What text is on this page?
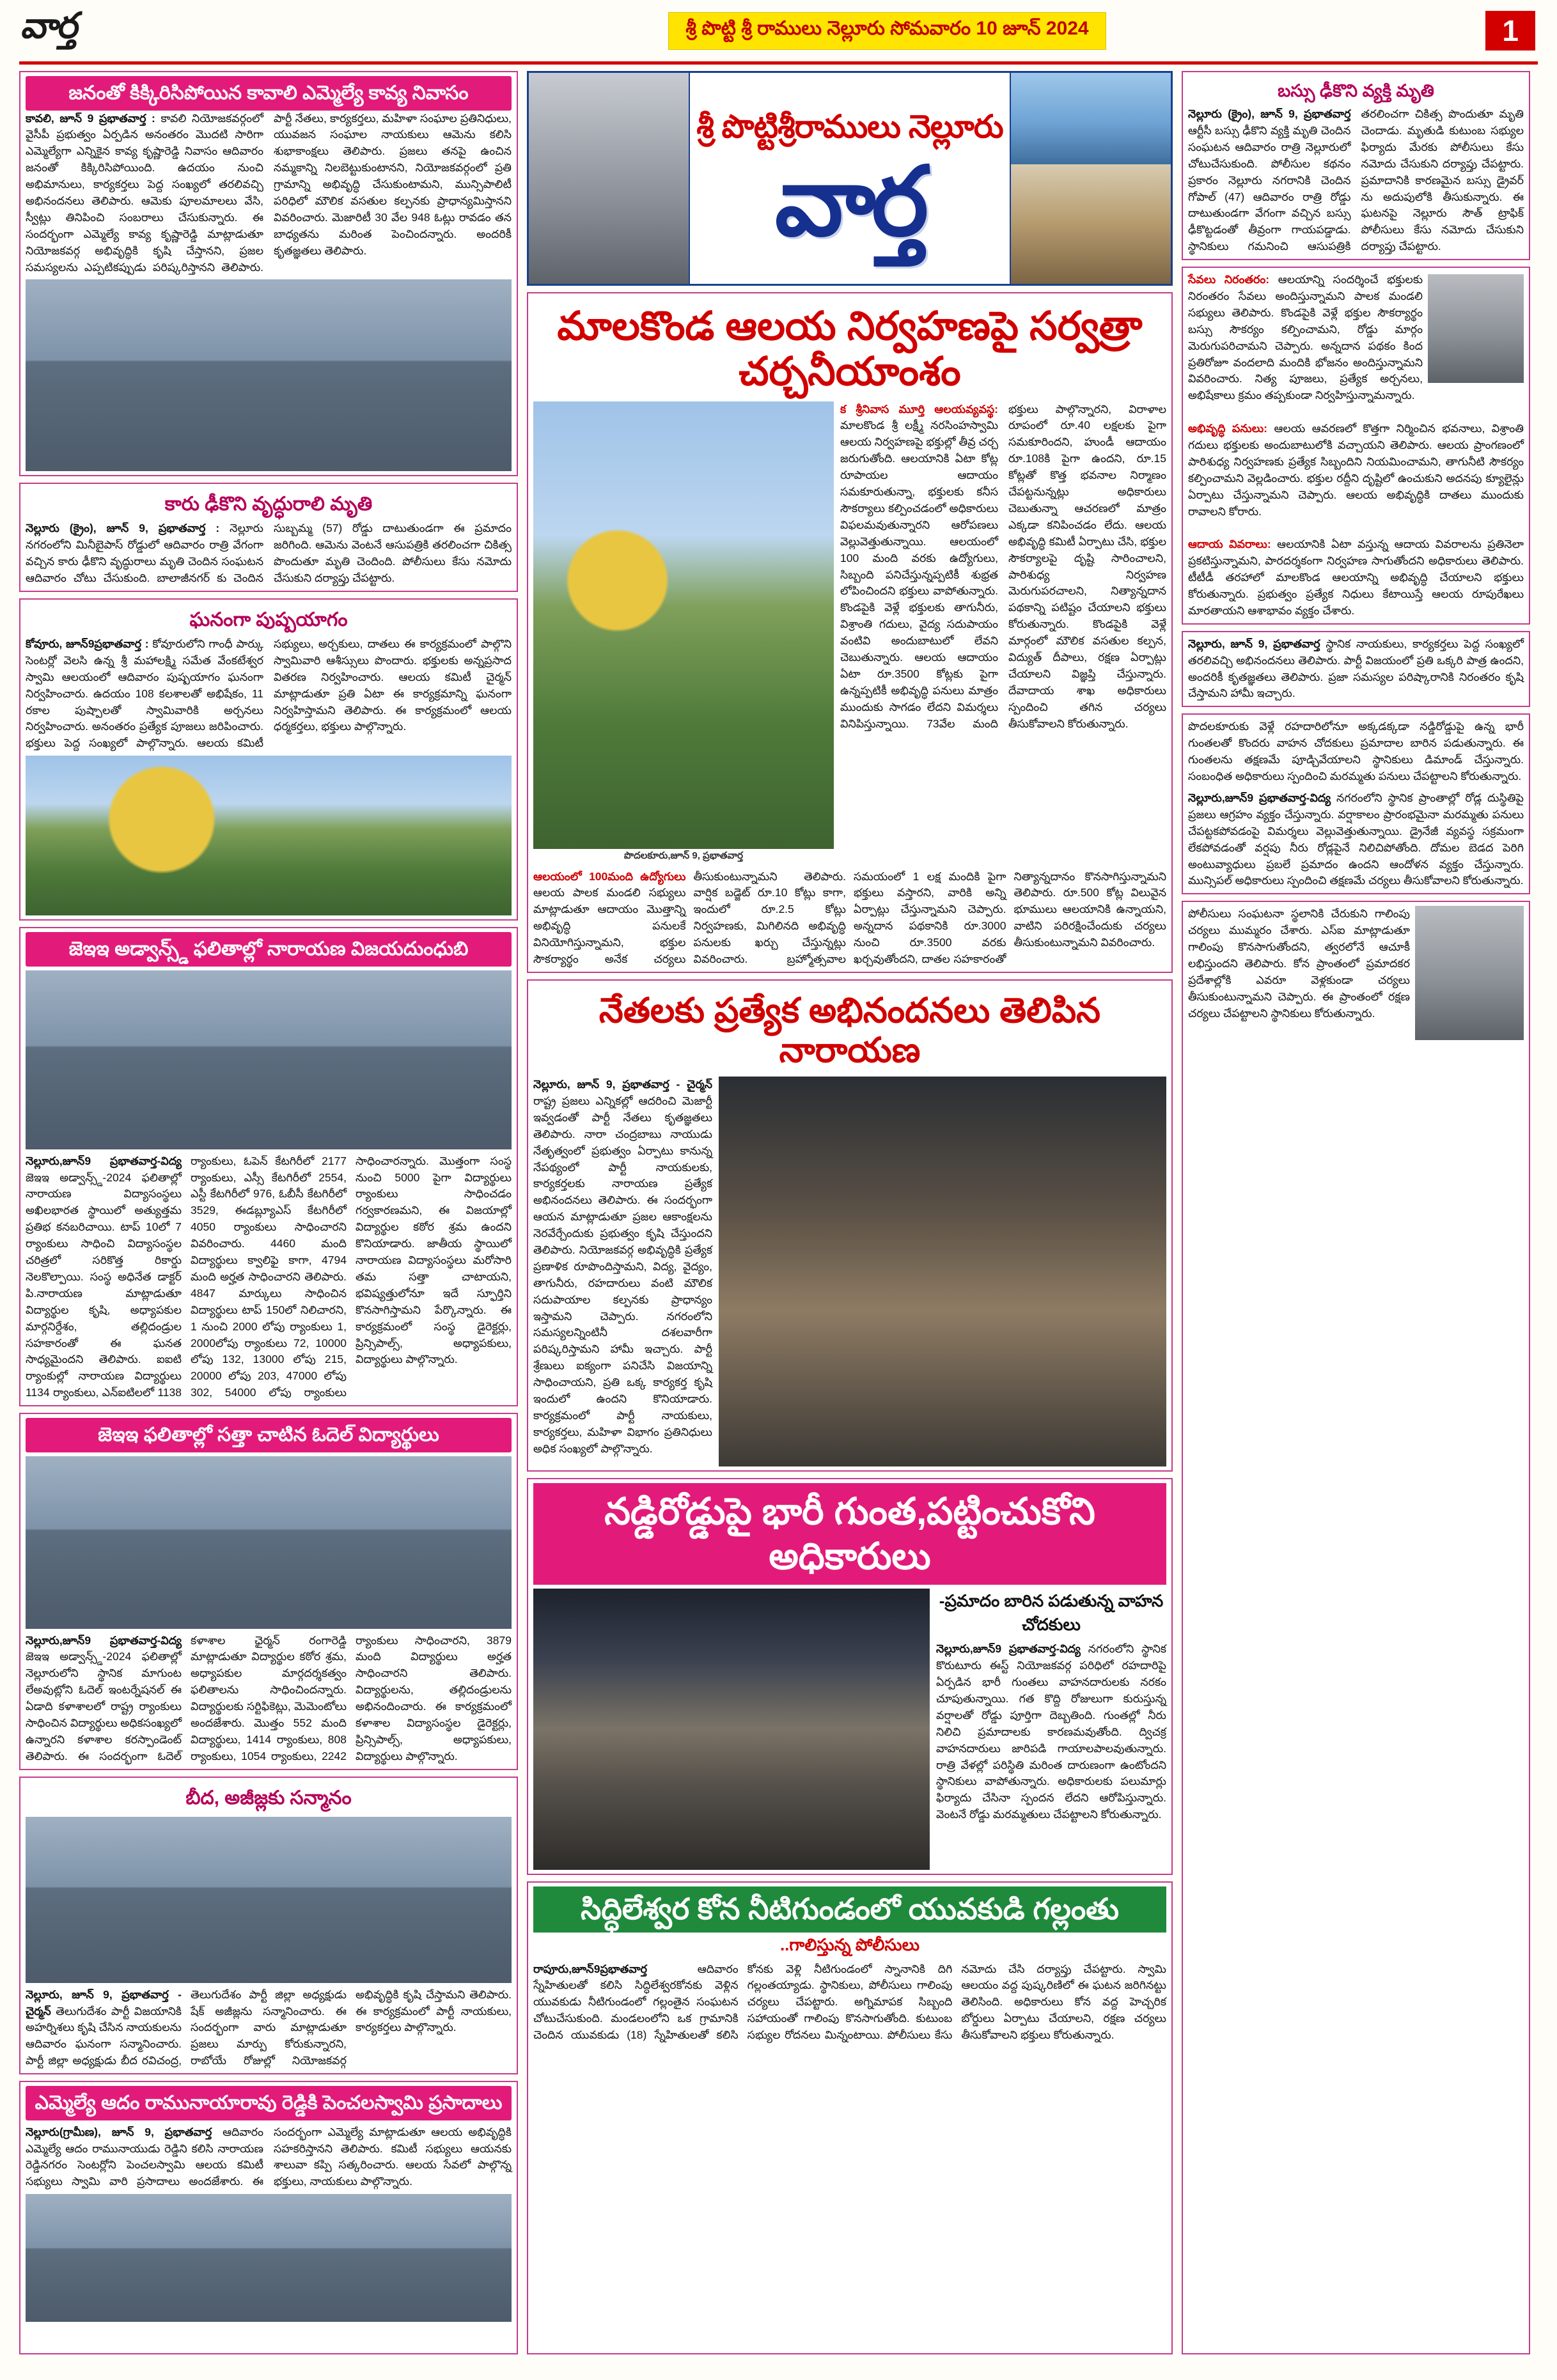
వార్త	శ్రీ పొట్టి శ్రీ రాములు నెల్లూరు సోమవారం 10 జూన్ 2024	1
జనంతో కిక్కిరిసిపోయిన కావాలి ఎమ్మెల్యే కావ్య నివాసం
కావలి, జూన్ 9 ప్రభాతవార్త : కావలి నియోజకవర్గంలో వైసీపీ ప్రభుత్వం ఏర్పడిన అనంతరం మొదటి సారిగా ఎమ్మెల్యేగా ఎన్నికైన కావ్య కృష్ణారెడ్డి నివాసం ఆదివారం జనంతో కిక్కిరిసిపోయింది. ఉదయం నుంచి అభిమానులు, కార్యకర్తలు పెద్ద సంఖ్యలో తరలివచ్చి అభినందనలు తెలిపారు. ఆమెకు పూలమాలలు వేసి, స్వీట్లు తినిపించి సంబరాలు చేసుకున్నారు. ఈ సందర్భంగా ఎమ్మెల్యే కావ్య కృష్ణారెడ్డి మాట్లాడుతూ నియోజకవర్గ అభివృద్ధికి కృషి చేస్తానని, ప్రజల సమస్యలను ఎప్పటికప్పుడు పరిష్కరిస్తానని తెలిపారు. పార్టీ నేతలు, కార్యకర్తలు, మహిళా సంఘాల ప్రతినిధులు, యువజన సంఘాల నాయకులు ఆమెను కలిసి శుభాకాంక్షలు తెలిపారు. ప్రజలు తనపై ఉంచిన నమ్మకాన్ని నిలబెట్టుకుంటానని, నియోజకవర్గంలో ప్రతి గ్రామాన్ని అభివృద్ధి చేసుకుంటామని, మున్సిపాలిటీ పరిధిలో మౌలిక వసతుల కల్పనకు ప్రాధాన్యమిస్తానని వివరించారు. మెజారిటీ 30 వేల 948 ఓట్లు రావడం తన బాధ్యతను మరింత పెంచిందన్నారు. అందరికీ కృతజ్ఞతలు తెలిపారు.
కారు ఢీకొని వృద్ధురాలి మృతి
నెల్లూరు (క్రైం), జూన్ 9, ప్రభాతవార్త : నెల్లూరు నగరంలోని మినీబైపాస్ రోడ్డులో ఆదివారం రాత్రి వేగంగా వచ్చిన కారు ఢీకొని వృద్ధురాలు మృతి చెందిన సంఘటన ఆదివారం చోటు చేసుకుంది. బాలాజీనగర్ కు చెందిన సుబ్బమ్మ (57) రోడ్డు దాటుతుండగా ఈ ప్రమాదం జరిగింది. ఆమెను వెంటనే ఆసుపత్రికి తరలించగా చికిత్స పొందుతూ మృతి చెందింది. పోలీసులు కేసు నమోదు చేసుకుని దర్యాప్తు చేపట్టారు.
ఘనంగా పుష్పయాగం
కోవూరు, జూన్9ప్రభాతవార్త : కోవూరులోని గాంధీ పార్కు సెంటర్లో వెలసి ఉన్న శ్రీ మహాలక్ష్మి సమేత వేంకటేశ్వర స్వామి ఆలయంలో ఆదివారం పుష్పయాగం ఘనంగా నిర్వహించారు. ఉదయం 108 కలశాలతో అభిషేకం, 11 రకాల పుష్పాలతో స్వామివారికి అర్చనలు నిర్వహించారు. అనంతరం ప్రత్యేక పూజలు జరిపించారు. భక్తులు పెద్ద సంఖ్యలో పాల్గొన్నారు. ఆలయ కమిటీ సభ్యులు, అర్చకులు, దాతలు ఈ కార్యక్రమంలో పాల్గొని స్వామివారి ఆశీస్సులు పొందారు. భక్తులకు అన్నప్రసాద వితరణ నిర్వహించారు. ఆలయ కమిటీ చైర్మన్ మాట్లాడుతూ ప్రతి ఏటా ఈ కార్యక్రమాన్ని ఘనంగా నిర్వహిస్తామని తెలిపారు. ఈ కార్యక్రమంలో ఆలయ ధర్మకర్తలు, భక్తులు పాల్గొన్నారు.
జెఇఇ అడ్వాన్స్డ్ ఫలితాల్లో నారాయణ విజయదుంధుబి
నెల్లూరు,జూన్9 ప్రభాతవార్త-విద్య జెఇఇ అడ్వాన్స్డ్-2024 ఫలితాల్లో నారాయణ విద్యాసంస్థలు అఖిలభారత స్థాయిలో అత్యుత్తమ ప్రతిభ కనబరిచాయి. టాప్ 10లో 7 ర్యాంకులు సాధించి విద్యాసంస్థల చరిత్రలో సరికొత్త రికార్డు నెలకొల్పాయి. సంస్థ అధినేత డాక్టర్ పి.నారాయణ మాట్లాడుతూ విద్యార్థుల కృషి, అధ్యాపకుల మార్గనిర్దేశం, తల్లిదండ్రుల సహకారంతో ఈ ఘనత సాధ్యమైందని తెలిపారు. ఐఐటి ర్యాంకుల్లో నారాయణ విద్యార్థులు 1134 ర్యాంకులు, ఎన్ఐటిలలో 1138 ర్యాంకులు, ఓపెన్ కేటగిరీలో 2177 ర్యాంకులు, ఎస్సీ కేటగిరీలో 2554, ఎస్టీ కేటగిరీలో 976, ఓబీసీ కేటగిరీలో 3529, ఈడబ్ల్యూఎస్ కేటగిరీలో 4050 ర్యాంకులు సాధించారని వివరించారు. 4460 మంది విద్యార్థులు క్వాలిఫై కాగా, 4794 మంది అర్హత సాధించారని తెలిపారు. 4847 మార్కులు సాధించిన విద్యార్థులు టాప్ 150లో నిలిచారని, 1 నుంచి 2000 లోపు ర్యాంకులు 1, 2000లోపు ర్యాంకులు 72, 10000 లోపు 132, 13000 లోపు 215, 20000 లోపు 203, 47000 లోపు 302, 54000 లోపు ర్యాంకులు సాధించారన్నారు. మొత్తంగా సంస్థ నుంచి 5000 పైగా విద్యార్థులు ర్యాంకులు సాధించడం గర్వకారణమని, ఈ విజయాల్లో విద్యార్థుల కఠోర శ్రమ ఉందని కొనియాడారు. జాతీయ స్థాయిలో నారాయణ విద్యాసంస్థలు మరోసారి తమ సత్తా చాటాయని, భవిష్యత్తులోనూ ఇదే స్ఫూర్తిని కొనసాగిస్తామని పేర్కొన్నారు. ఈ కార్యక్రమంలో సంస్థ డైరెక్టర్లు, ప్రిన్సిపాల్స్, అధ్యాపకులు, విద్యార్థులు పాల్గొన్నారు.
జెఇఇ ఫలితాల్లో సత్తా చాటిన ఓదెల్ విద్యార్థులు
నెల్లూరు,జూన్9 ప్రభాతవార్త-విద్య జెఇఇ అడ్వాన్స్డ్-2024 ఫలితాల్లో నెల్లూరులోని స్థానిక మాగుంట లేఅవుట్లోని ఓదెల్ ఇంటర్నేషనల్ ఈ ఏడాది కళాశాలలో రాష్ట్ర ర్యాంకులు సాధించిన విద్యార్థులు అధికసంఖ్యలో ఉన్నారని కళాశాల కరస్పాండెంట్ తెలిపారు. ఈ సందర్భంగా ఓదెల్ కళాశాల ఛైర్మన్ రంగారెడ్డి మాట్లాడుతూ విద్యార్థుల కఠోర శ్రమ, అధ్యాపకుల మార్గదర్శకత్వం ఫలితాలను సాధించిందన్నారు. విద్యార్థులకు సర్టిఫికెట్లు, మెమెంటోలు అందజేశారు. మొత్తం 552 మంది విద్యార్థులు, 1414 ర్యాంకులు, 808 ర్యాంకులు, 1054 ర్యాంకులు, 2242 ర్యాంకులు సాధించారని, 3879 మంది విద్యార్థులు అర్హత సాధించారని తెలిపారు. విద్యార్థులను, తల్లిదండ్రులను అభినందించారు. ఈ కార్యక్రమంలో కళాశాల విద్యాసంస్థల డైరెక్టర్లు, ప్రిన్సిపాల్స్, అధ్యాపకులు, విద్యార్థులు పాల్గొన్నారు.
బీద, అజీజ్లకు సన్మానం
నెల్లూరు, జూన్ 9, ప్రభాతవార్త - చైర్మన్ తెలుగుదేశం పార్టీ విజయానికి అహర్నిశలు కృషి చేసిన నాయకులను ఆదివారం ఘనంగా సన్మానించారు. పార్టీ జిల్లా అధ్యక్షుడు బీద రవిచంద్ర, తెలుగుదేశం పార్టీ జిల్లా అధ్యక్షుడు షేక్ అజీజ్లను సన్మానించారు. ఈ సందర్భంగా వారు మాట్లాడుతూ ప్రజలు మార్పు కోరుకున్నారని, రాబోయే రోజుల్లో నియోజకవర్గ అభివృద్ధికి కృషి చేస్తామని తెలిపారు. ఈ కార్యక్రమంలో పార్టీ నాయకులు, కార్యకర్తలు పాల్గొన్నారు.
ఎమ్మెల్యే ఆదం రామునాయారావు రెడ్డికి పెంచలస్వామి ప్రసాదాలు
నెల్లూరు(గ్రామీణ), జూన్ 9, ప్రభాతవార్త ఆదివారం ఎమ్మెల్యే ఆదం రామునాయుడు రెడ్డిని కలిసి నారాయణ రెడ్డినగరం సెంటర్లోని పెంచలస్వామి ఆలయ కమిటీ సభ్యులు స్వామి వారి ప్రసాదాలు అందజేశారు. ఈ సందర్భంగా ఎమ్మెల్యే మాట్లాడుతూ ఆలయ అభివృద్ధికి సహకరిస్తానని తెలిపారు. కమిటీ సభ్యులు ఆయనకు శాలువా కప్పి సత్కరించారు. ఆలయ సేవలో పాల్గొన్న భక్తులు, నాయకులు పాల్గొన్నారు.
శ్రీ పొట్టిశ్రీరాములు నెల్లూరు
వార్త
మాలకొండ ఆలయ నిర్వహణపై సర్వత్రా చర్చనీయాంశం
పొదలకూరు,జూన్ 9, ప్రభాతవార్త
క శ్రీనివాస మూర్తి ఆలయవ్యవస్థ: మాలకొండ శ్రీ లక్ష్మీ నరసింహస్వామి ఆలయ నిర్వహణపై భక్తుల్లో తీవ్ర చర్చ జరుగుతోంది. ఆలయానికి ఏటా కోట్ల రూపాయల ఆదాయం సమకూరుతున్నా, భక్తులకు కనీస సౌకర్యాలు కల్పించడంలో అధికారులు విఫలమవుతున్నారని ఆరోపణలు వెల్లువెత్తుతున్నాయి. ఆలయంలో 100 మంది వరకు ఉద్యోగులు, సిబ్బంది పనిచేస్తున్నప్పటికీ శుభ్రత లోపించిందని భక్తులు వాపోతున్నారు. కొండపైకి వెళ్లే భక్తులకు తాగునీరు, విశ్రాంతి గదులు, వైద్య సదుపాయం వంటివి అందుబాటులో లేవని చెబుతున్నారు. ఆలయ ఆదాయం ఏటా రూ.3500 కోట్లకు పైగా ఉన్నప్పటికీ అభివృద్ధి పనులు మాత్రం ముందుకు సాగడం లేదని విమర్శలు వినిపిస్తున్నాయి. 73వేల మంది భక్తులు పాల్గొన్నారని, విరాళాల రూపంలో రూ.40 లక్షలకు పైగా సమకూరిందని, హుండీ ఆదాయం రూ.108కి పైగా ఉందని, రూ.15 కోట్లతో కొత్త భవనాల నిర్మాణం చేపట్టనున్నట్లు అధికారులు చెబుతున్నా ఆచరణలో మాత్రం ఎక్కడా కనిపించడం లేదు. ఆలయ అభివృద్ధి కమిటీ ఏర్పాటు చేసి, భక్తుల సౌకర్యాలపై దృష్టి సారించాలని, పారిశుధ్య నిర్వహణ మెరుగుపరచాలని, నిత్యాన్నదాన పథకాన్ని పటిష్టం చేయాలని భక్తులు కోరుతున్నారు. కొండపైకి వెళ్లే మార్గంలో మౌలిక వసతుల కల్పన, విద్యుత్ దీపాలు, రక్షణ ఏర్పాట్లు చేయాలని విజ్ఞప్తి చేస్తున్నారు. దేవాదాయ శాఖ అధికారులు స్పందించి తగిన చర్యలు తీసుకోవాలని కోరుతున్నారు.
ఆలయంలో 100మంది ఉద్యోగులు ఆలయ పాలక మండలి సభ్యులు మాట్లాడుతూ ఆదాయం మొత్తాన్ని అభివృద్ధి పనులకే వినియోగిస్తున్నామని, భక్తుల సౌకర్యార్థం అనేక చర్యలు తీసుకుంటున్నామని తెలిపారు. వార్షిక బడ్జెట్ రూ.10 కోట్లు కాగా, ఇందులో రూ.2.5 కోట్లు నిర్వహణకు, మిగిలినది అభివృద్ధి పనులకు ఖర్చు చేస్తున్నట్లు వివరించారు. బ్రహ్మోత్సవాల సమయంలో 1 లక్ష మందికి పైగా భక్తులు వస్తారని, వారికి అన్ని ఏర్పాట్లు చేస్తున్నామని చెప్పారు. అన్నదాన పథకానికి రూ.3000 నుంచి రూ.3500 వరకు ఖర్చవుతోందని, దాతల సహకారంతో నిత్యాన్నదానం కొనసాగిస్తున్నామని తెలిపారు. రూ.500 కోట్ల విలువైన భూములు ఆలయానికి ఉన్నాయని, వాటిని పరిరక్షించేందుకు చర్యలు తీసుకుంటున్నామని వివరించారు.
నేతలకు ప్రత్యేక అభినందనలు తెలిపిన నారాయణ
నెల్లూరు, జూన్ 9, ప్రభాతవార్త - చైర్మన్ రాష్ట్ర ప్రజలు ఎన్నికల్లో ఆదరించి మెజార్టీ ఇవ్వడంతో పార్టీ నేతలు కృతజ్ఞతలు తెలిపారు. నారా చంద్రబాబు నాయుడు నేతృత్వంలో ప్రభుత్వం ఏర్పాటు కానున్న నేపథ్యంలో పార్టీ నాయకులకు, కార్యకర్తలకు నారాయణ ప్రత్యేక అభినందనలు తెలిపారు. ఈ సందర్భంగా ఆయన మాట్లాడుతూ ప్రజల ఆకాంక్షలను నెరవేర్చేందుకు ప్రభుత్వం కృషి చేస్తుందని తెలిపారు. నియోజకవర్గ అభివృద్ధికి ప్రత్యేక ప్రణాళిక రూపొందిస్తామని, విద్య, వైద్యం, తాగునీరు, రహదారులు వంటి మౌలిక సదుపాయాల కల్పనకు ప్రాధాన్యం ఇస్తామని చెప్పారు. నగరంలోని సమస్యలన్నింటినీ దశలవారీగా పరిష్కరిస్తామని హామీ ఇచ్చారు. పార్టీ శ్రేణులు ఐక్యంగా పనిచేసి విజయాన్ని సాధించాయని, ప్రతి ఒక్క కార్యకర్త కృషి ఇందులో ఉందని కొనియాడారు. కార్యక్రమంలో పార్టీ నాయకులు, కార్యకర్తలు, మహిళా విభాగం ప్రతినిధులు అధిక సంఖ్యలో పాల్గొన్నారు.
నడ్డిరోడ్డుపై భారీ గుంత,పట్టించుకోని అధికారులు
-ప్రమాదం బారిన పడుతున్న వాహన చోదకులు
నెల్లూరు,జూన్9 ప్రభాతవార్త-విద్య నగరంలోని స్థానిక కొరుటూరు ఈస్ట్ నియోజకవర్గ పరిధిలో రహదారిపై ఏర్పడిన భారీ గుంతలు వాహనదారులకు నరకం చూపుతున్నాయి. గత కొద్ది రోజులుగా కురుస్తున్న వర్షాలతో రోడ్డు పూర్తిగా దెబ్బతింది. గుంతల్లో నీరు నిలిచి ప్రమాదాలకు కారణమవుతోంది. ద్విచక్ర వాహనదారులు జారిపడి గాయాలపాలవుతున్నారు. రాత్రి వేళల్లో పరిస్థితి మరింత దారుణంగా ఉంటోందని స్థానికులు వాపోతున్నారు. అధికారులకు పలుమార్లు ఫిర్యాదు చేసినా స్పందన లేదని ఆరోపిస్తున్నారు. వెంటనే రోడ్డు మరమ్మతులు చేపట్టాలని కోరుతున్నారు.
సిద్ధిలేశ్వర కోన నీటిగుండంలో యువకుడి గల్లంతు
..గాలిస్తున్న పోలీసులు
రాపూరు,జూన్9ప్రభాతవార్త	ఆదివారం స్నేహితులతో కలిసి సిద్ధిలేశ్వరకోనకు వెళ్లిన యువకుడు నీటిగుండంలో గల్లంతైన సంఘటన చోటుచేసుకుంది. మండలంలోని ఒక గ్రామానికి చెందిన యువకుడు (18) స్నేహితులతో కలిసి కోనకు వెళ్లి నీటిగుండంలో స్నానానికి దిగి గల్లంతయ్యాడు. స్థానికులు, పోలీసులు గాలింపు చర్యలు చేపట్టారు. అగ్నిమాపక సిబ్బంది సహాయంతో గాలింపు కొనసాగుతోంది. కుటుంబ సభ్యుల రోదనలు మిన్నంటాయి. పోలీసులు కేసు నమోదు చేసి దర్యాప్తు చేపట్టారు. స్వామి ఆలయం వద్ద పుష్కరిణిలో ఈ ఘటన జరిగినట్టు తెలిసింది. అధికారులు కోన వద్ద హెచ్చరిక బోర్డులు ఏర్పాటు చేయాలని, రక్షణ చర్యలు తీసుకోవాలని భక్తులు కోరుతున్నారు.
బస్సు ఢీకొని వ్యక్తి మృతి
నెల్లూరు (క్రైం), జూన్ 9, ప్రభాతవార్త ఆర్టీసీ బస్సు ఢీకొని వ్యక్తి మృతి చెందిన సంఘటన ఆదివారం రాత్రి నెల్లూరులో చోటుచేసుకుంది. పోలీసుల కథనం ప్రకారం నెల్లూరు నగరానికి చెందిన గోపాల్ (47) ఆదివారం రాత్రి రోడ్డు దాటుతుండగా వేగంగా వచ్చిన బస్సు ఢీకొట్టడంతో తీవ్రంగా గాయపడ్డాడు. స్థానికులు గమనించి ఆసుపత్రికి తరలించగా చికిత్స పొందుతూ మృతి చెందాడు. మృతుడి కుటుంబ సభ్యుల ఫిర్యాదు మేరకు పోలీసులు కేసు నమోదు చేసుకుని దర్యాప్తు చేపట్టారు. ప్రమాదానికి కారణమైన బస్సు డ్రైవర్ ను అదుపులోకి తీసుకున్నారు. ఈ ఘటనపై నెల్లూరు సౌత్ ట్రాఫిక్ పోలీసులు కేసు నమోదు చేసుకుని దర్యాప్తు చేపట్టారు.
సేవలు నిరంతరం: ఆలయాన్ని సందర్శించే భక్తులకు నిరంతరం సేవలు అందిస్తున్నామని పాలక మండలి సభ్యులు తెలిపారు. కొండపైకి వెళ్లే భక్తుల సౌకర్యార్థం బస్సు సౌకర్యం కల్పించామని, రోడ్డు మార్గం మెరుగుపరిచామని చెప్పారు. అన్నదాన పథకం కింద ప్రతిరోజూ వందలాది మందికి భోజనం అందిస్తున్నామని వివరించారు. నిత్య పూజలు, ప్రత్యేక అర్చనలు, అభిషేకాలు క్రమం తప్పకుండా నిర్వహిస్తున్నామన్నారు.

అభివృద్ధి పనులు: ఆలయ ఆవరణలో కొత్తగా నిర్మించిన భవనాలు, విశ్రాంతి గదులు భక్తులకు అందుబాటులోకి వచ్చాయని తెలిపారు. ఆలయ ప్రాంగణంలో పారిశుధ్య నిర్వహణకు ప్రత్యేక సిబ్బందిని నియమించామని, తాగునీటి సౌకర్యం కల్పించామని వెల్లడించారు. భక్తుల రద్దీని దృష్టిలో ఉంచుకుని అదనపు క్యూలైన్లు ఏర్పాటు చేస్తున్నామని చెప్పారు. ఆలయ అభివృద్ధికి దాతలు ముందుకు రావాలని కోరారు.

ఆదాయ వివరాలు: ఆలయానికి ఏటా వస్తున్న ఆదాయ వివరాలను ప్రతినెలా ప్రకటిస్తున్నామని, పారదర్శకంగా నిర్వహణ సాగుతోందని అధికారులు తెలిపారు. టీటీడీ తరహాలో మాలకొండ ఆలయాన్ని అభివృద్ధి చేయాలని భక్తులు కోరుతున్నారు. ప్రభుత్వం ప్రత్యేక నిధులు కేటాయిస్తే ఆలయ రూపురేఖలు మారతాయని ఆశాభావం వ్యక్తం చేశారు.
నెల్లూరు, జూన్ 9, ప్రభాతవార్త స్థానిక నాయకులు, కార్యకర్తలు పెద్ద సంఖ్యలో తరలివచ్చి అభినందనలు తెలిపారు. పార్టీ విజయంలో ప్రతి ఒక్కరి పాత్ర ఉందని, అందరికీ కృతజ్ఞతలు తెలిపారు. ప్రజా సమస్యల పరిష్కారానికి నిరంతరం కృషి చేస్తామని హామీ ఇచ్చారు.
పొదలకూరుకు వెళ్లే రహదారిలోనూ అక్కడక్కడా నడ్డిరోడ్డుపై ఉన్న భారీ గుంతలతో కొందరు వాహన చోదకులు ప్రమాదాల బారిన పడుతున్నారు. ఈ గుంతలను తక్షణమే పూడ్చివేయాలని స్థానికులు డిమాండ్ చేస్తున్నారు. సంబంధిత అధికారులు స్పందించి మరమ్మతు పనులు చేపట్టాలని కోరుతున్నారు.
నెల్లూరు,జూన్9 ప్రభాతవార్త-విద్య నగరంలోని స్థానిక ప్రాంతాల్లో రోడ్ల దుస్థితిపై ప్రజలు ఆగ్రహం వ్యక్తం చేస్తున్నారు. వర్షాకాలం ప్రారంభమైనా మరమ్మతు పనులు చేపట్టకపోవడంపై విమర్శలు వెల్లువెత్తుతున్నాయి. డ్రైనేజీ వ్యవస్థ సక్రమంగా లేకపోవడంతో వర్షపు నీరు రోడ్లపైనే నిలిచిపోతోంది. దోమల బెడద పెరిగి అంటువ్యాధులు ప్రబలే ప్రమాదం ఉందని ఆందోళన వ్యక్తం చేస్తున్నారు. మున్సిపల్ అధికారులు స్పందించి తక్షణమే చర్యలు తీసుకోవాలని కోరుతున్నారు.
పోలీసులు సంఘటనా స్థలానికి చేరుకుని గాలింపు చర్యలు ముమ్మరం చేశారు. ఎస్ఐ మాట్లాడుతూ గాలింపు కొనసాగుతోందని, త్వరలోనే ఆచూకీ లభిస్తుందని తెలిపారు. కోన ప్రాంతంలో ప్రమాదకర ప్రదేశాల్లోకి ఎవరూ వెళ్లకుండా చర్యలు తీసుకుంటున్నామని చెప్పారు. ఈ ప్రాంతంలో రక్షణ చర్యలు చేపట్టాలని స్థానికులు కోరుతున్నారు.
